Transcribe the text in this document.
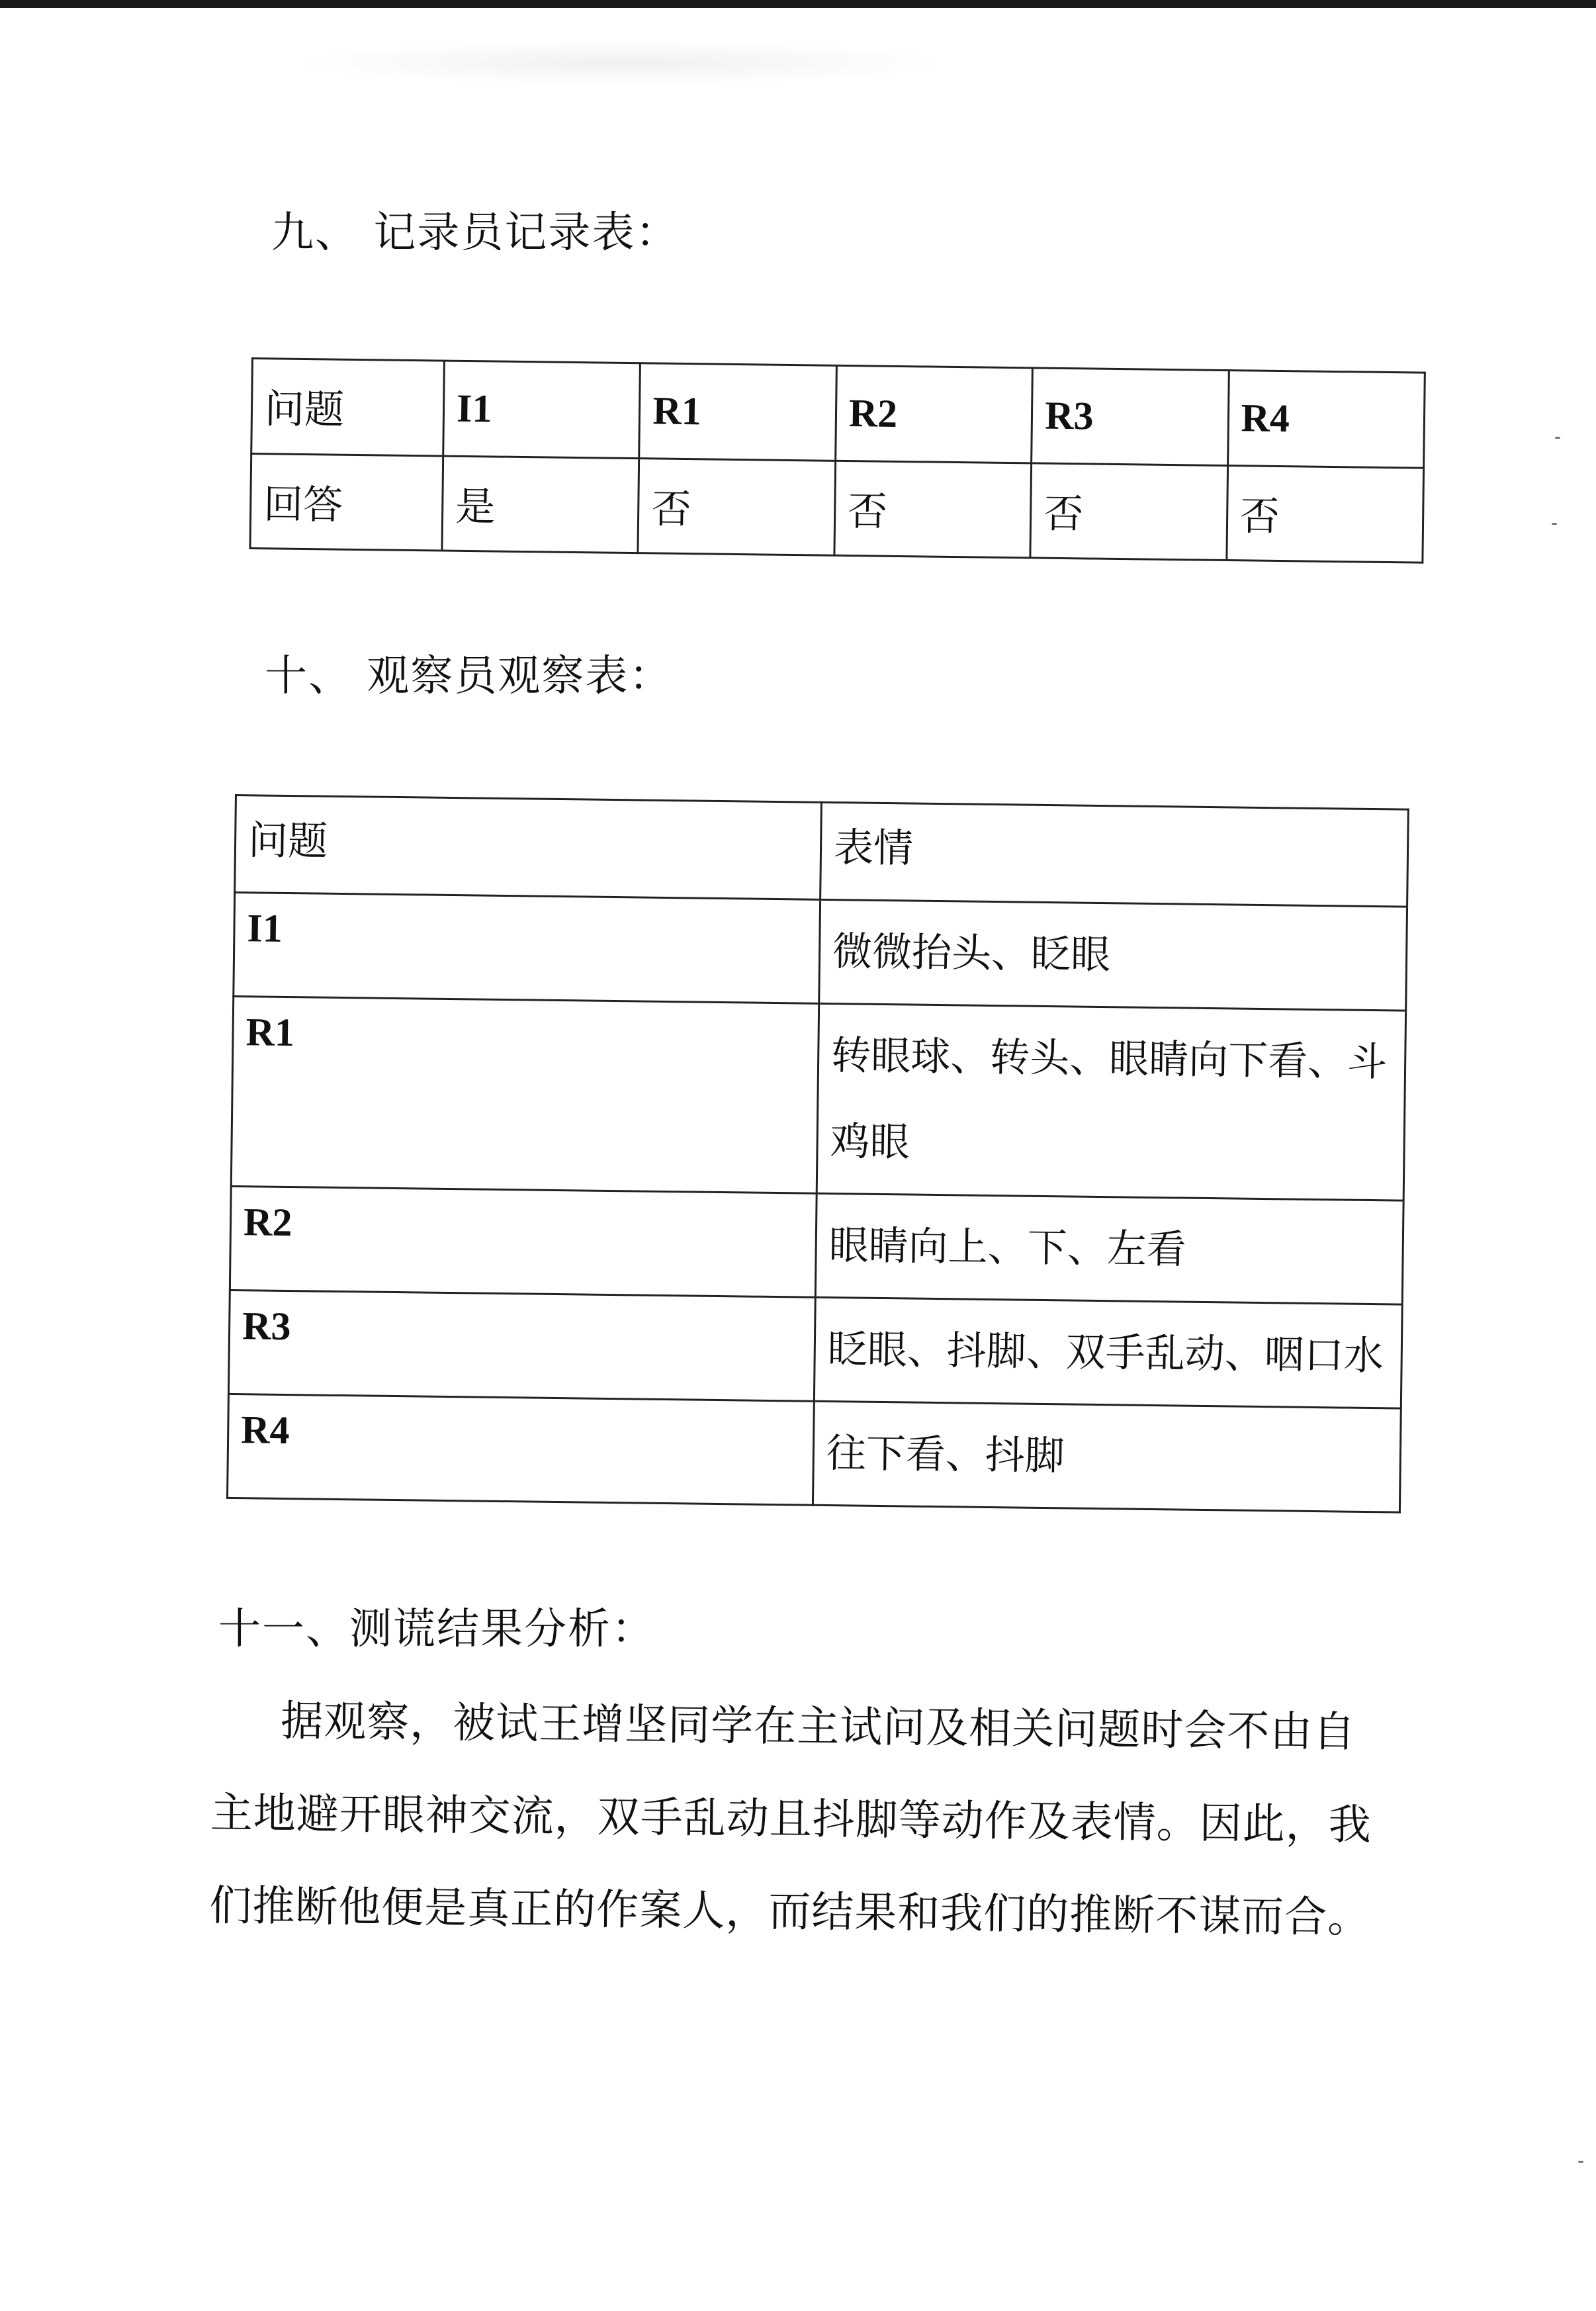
九、 记录员记录表：
问题	I1	R1	R2	R3	R4
回答	是	否	否	否	否
十、 观察员观察表：
问题	表情
I1	微微抬头、眨眼
R1	转眼球、转头、眼睛向下看、斗鸡眼
R2	眼睛向上、下、左看
R3	眨眼、抖脚、双手乱动、咽口水
R4	往下看、抖脚
十一、测谎结果分析：

据观察，被试王增坚同学在主试问及相关问题时会不由自主地避开眼神交流，双手乱动且抖脚等动作及表情。因此，我们推断他便是真正的作案人，而结果和我们的推断不谋而合。
